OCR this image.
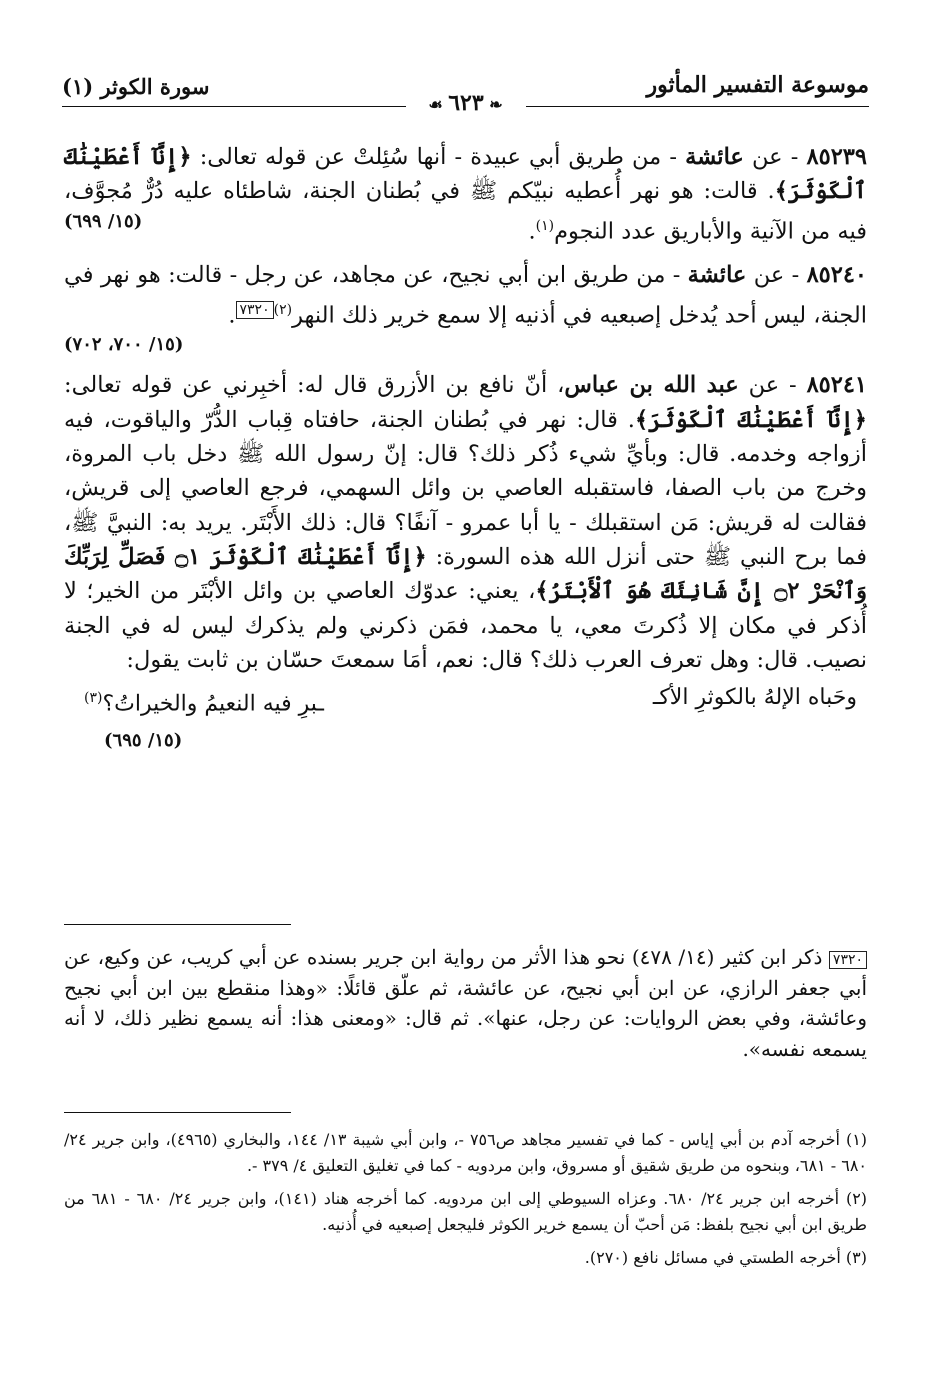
موسوعة التفسير المأثور
❧ ٦٢٣ ☙
سورة الكوثر (١)
٨٥٢٣٩ - عن عائشة - من طريق أبي عبيدة - أنها سُئِلتْ عن قوله تعالى: ﴿إِنَّآ أَعْطَيْنَٰكَ ٱلْكَوْثَرَ﴾. قالت: هو نهر أُعطيه نبيّكم ﷺ في بُطنان الجنة، شاطئاه عليه دُرٌّ مُجوَّف، فيه من الآنية والأباريق عدد النجوم$^{(١)}$.
(١٥/ ٦٩٩)
٨٥٢٤٠ - عن عائشة - من طريق ابن أبي نجيح، عن مجاهد، عن رجل - قالت: هو نهر في الجنة، ليس أحد يُدخل إصبعيه في أذنيه إلا سمع خرير ذلك النهر$^{(٢)}$٧٣٢٠.
(١٥/ ٧٠٠، ٧٠٢)
٨٥٢٤١ - عن عبد الله بن عباس، أنّ نافع بن الأزرق قال له: أخبِرني عن قوله تعالى: ﴿إِنَّآ أَعْطَيْنَٰكَ ٱلْكَوْثَرَ﴾. قال: نهر في بُطنان الجنة، حافتاه قِباب الدُّرّ والياقوت، فيه أزواجه وخدمه. قال: وبأيِّ شيء ذُكر ذلك؟ قال: إنّ رسول الله ﷺ دخل باب المروة، وخرج من باب الصفا، فاستقبله العاصي بن وائل السهمي، فرجع العاصي إلى قريش، فقالت له قريش: مَن استقبلك - يا أبا عمرو - آنفًا؟ قال: ذلك الأَبْتَر. يريد به: النبيَّ ﷺ، فما برح النبي ﷺ حتى أنزل الله هذه السورة: ﴿إِنَّآ أَعْطَيْنَٰكَ ٱلْكَوْثَرَ ۝١ فَصَلِّ لِرَبِّكَ وَٱنْحَرْ ۝٢ إِنَّ شَانِئَكَ هُوَ ٱلْأَبْتَرُ﴾، يعني: عدوّك العاصي بن وائل الأبْتَر من الخير؛ لا أُذكر في مكان إلا ذُكرتَ معي، يا محمد، فمَن ذكرني ولم يذكرك ليس له في الجنة نصيب. قال: وهل تعرف العرب ذلك؟ قال: نعم، أمَا سمعتَ حسّان بن ثابت يقول:
وحَباه الإلهُ بالكوثرِ الأكـ
ـبرِ فيه النعيمُ والخيراتُ؟$^{(٣)}$
(١٥/ ٦٩٥)
٧٣٢٠ ذكر ابن كثير (١٤/ ٤٧٨) نحو هذا الأثر من رواية ابن جرير بسنده عن أبي كريب، عن وكيع، عن أبي جعفر الرازي، عن ابن أبي نجيح، عن عائشة، ثم علّق قائلًا: «وهذا منقطع بين ابن أبي نجيح وعائشة، وفي بعض الروايات: عن رجل، عنها». ثم قال: «ومعنى هذا: أنه يسمع نظير ذلك، لا أنه يسمعه نفسه».

(١) أخرجه آدم بن أبي إياس - كما في تفسير مجاهد ص٧٥٦ -، وابن أبي شيبة ١٣/ ١٤٤، والبخاري (٤٩٦٥)، وابن جرير ٢٤/ ٦٨٠ - ٦٨١، وبنحوه من طريق شقيق أو مسروق، وابن مردويه - كما في تغليق التعليق ٤/ ٣٧٩ -.

(٢) أخرجه ابن جرير ٢٤/ ٦٨٠. وعزاه السيوطي إلى ابن مردويه. كما أخرجه هناد (١٤١)، وابن جرير ٢٤/ ٦٨٠ - ٦٨١ من طريق ابن أبي نجيح بلفظ: مَن أحبّ أن يسمع خرير الكوثر فليجعل إصبعيه في أُذنيه.

(٣) أخرجه الطستي في مسائل نافع (٢٧٠).
